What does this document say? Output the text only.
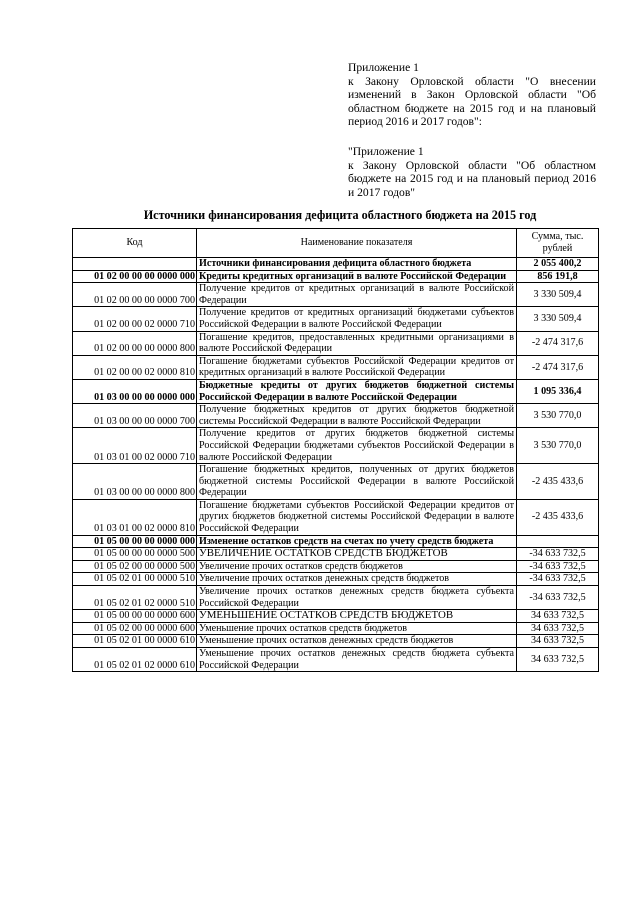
Приложение 1

к Закону Орловской области "О внесении изменений в Закон Орловской области "Об областном бюджете на 2015 год и на плановый период 2016 и 2017 годов":

"Приложение 1

к Закону Орловской области "Об областном бюджете на 2015 год и на плановый период 2016 и 2017 годов"

Источники финансирования дефицита областного бюджета на 2015 год
Код	Наименование показателя	Сумма, тыс. рублей
	Источники финансирования дефицита областного бюджета	2 055 400,2
01 02 00 00 00 0000 000	Кредиты кредитных организаций в валюте Российской Федерации	856 191,8
01 02 00 00 00 0000 700	Получение кредитов от кредитных организаций в валюте Российской Федерации	3 330 509,4
01 02 00 00 02 0000 710	Получение кредитов от кредитных организаций бюджетами субъектов Российской Федерации в валюте Российской Федерации	3 330 509,4
01 02 00 00 00 0000 800	Погашение кредитов, предоставленных кредитными организациями в валюте Российской Федерации	-2 474 317,6
01 02 00 00 02 0000 810	Погашение бюджетами субъектов Российской Федерации кредитов от кредитных организаций в валюте Российской Федерации	-2 474 317,6
01 03 00 00 00 0000 000	Бюджетные кредиты от других бюджетов бюджетной системы Российской Федерации в валюте Российской Федерации	1 095 336,4
01 03 00 00 00 0000 700	Получение бюджетных кредитов от других бюджетов бюджетной системы Российской Федерации в валюте Российской Федерации	3 530 770,0
01 03 01 00 02 0000 710	Получение кредитов от других бюджетов бюджетной системы Российской Федерации бюджетами субъектов Российской Федерации в валюте Российской Федерации	3 530 770,0
01 03 00 00 00 0000 800	Погашение бюджетных кредитов, полученных от других бюджетов бюджетной системы Российской Федерации в валюте Российской Федерации	-2 435 433,6
01 03 01 00 02 0000 810	Погашение бюджетами субъектов Российской Федерации кредитов от других бюджетов бюджетной системы Российской Федерации в валюте Российской Федерации	-2 435 433,6
01 05 00 00 00 0000 000	Изменение остатков средств на счетах по учету средств бюджета	
01 05 00 00 00 0000 500	УВЕЛИЧЕНИЕ ОСТАТКОВ СРЕДСТВ БЮДЖЕТОВ	-34 633 732,5
01 05 02 00 00 0000 500	Увеличение прочих остатков средств бюджетов	-34 633 732,5
01 05 02 01 00 0000 510	Увеличение прочих остатков денежных средств бюджетов	-34 633 732,5
01 05 02 01 02 0000 510	Увеличение прочих остатков денежных средств бюджета субъекта Российской Федерации	-34 633 732,5
01 05 00 00 00 0000 600	УМЕНЬШЕНИЕ ОСТАТКОВ СРЕДСТВ БЮДЖЕТОВ	34 633 732,5
01 05 02 00 00 0000 600	Уменьшение прочих остатков средств бюджетов	34 633 732,5
01 05 02 01 00 0000 610	Уменьшение прочих остатков денежных средств бюджетов	34 633 732,5
01 05 02 01 02 0000 610	Уменьшение прочих остатков денежных средств бюджета субъекта Российской Федерации	34 633 732,5
